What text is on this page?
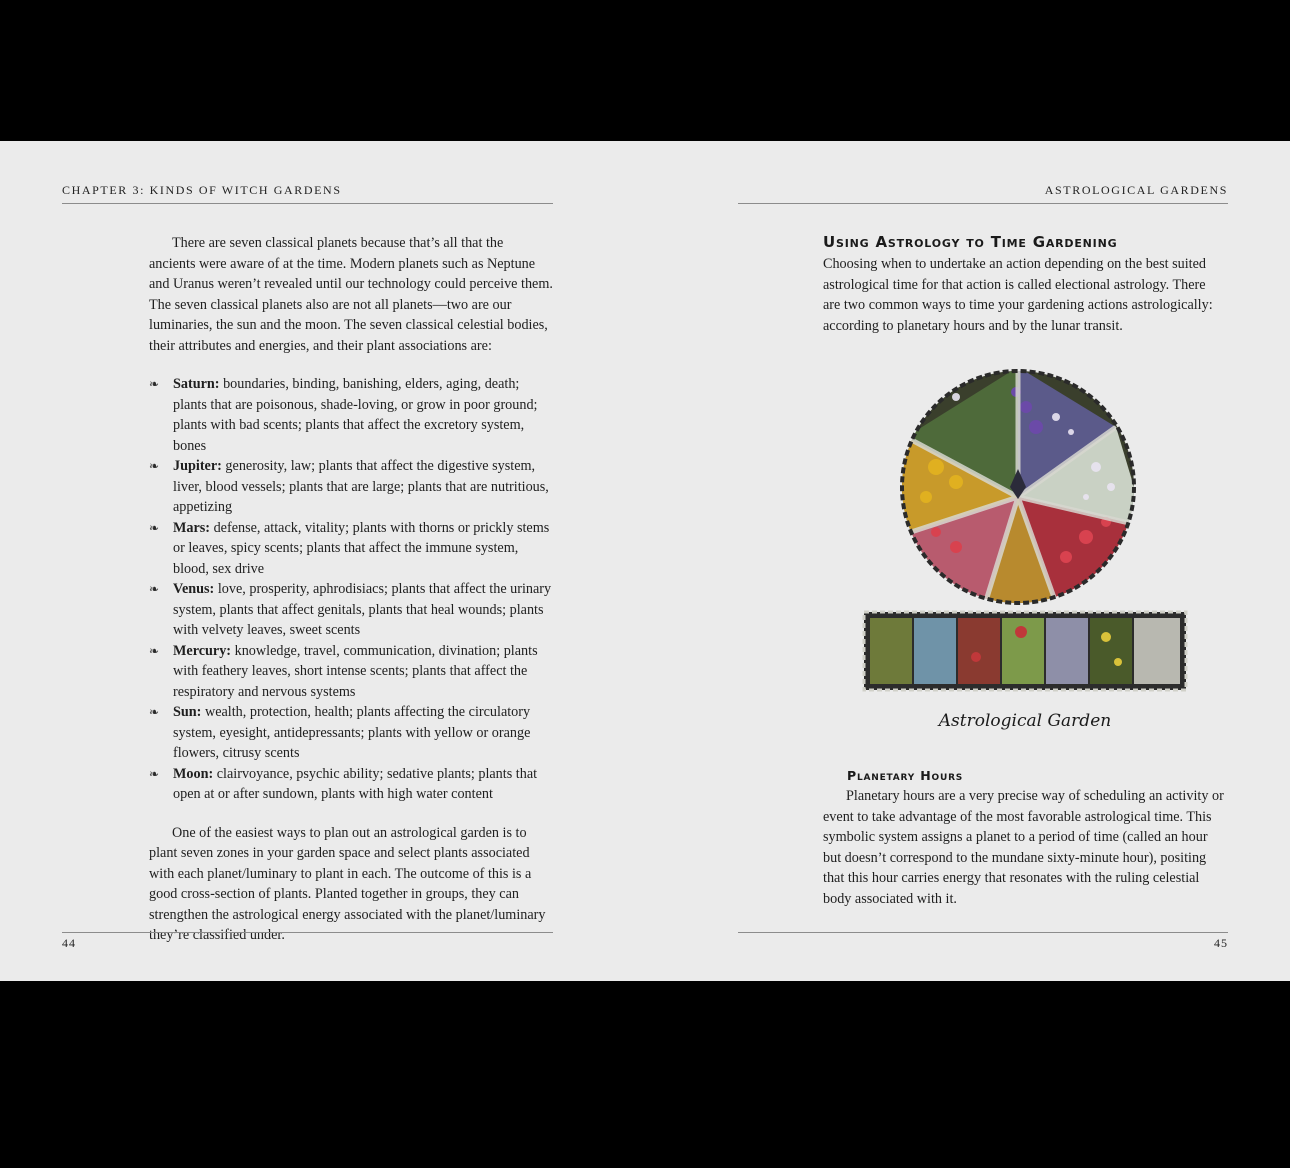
CHAPTER 3: KINDS OF WITCH GARDENS

There are seven classical planets because that’s all that the ancients were aware of at the time. Modern planets such as Neptune and Uranus weren’t revealed until our technology could perceive them. The seven classical planets also are not all planets—two are our luminaries, the sun and the moon. The seven classical celestial bodies, their attributes and energies, and their plant associations are:

❧ Saturn: boundaries, binding, banishing, elders, aging, death; plants that are poisonous, shade-loving, or grow in poor ground; plants with bad scents; plants that affect the excretory system, bones
❧ Jupiter: generosity, law; plants that affect the digestive system, liver, blood vessels; plants that are large; plants that are nutritious, appetizing
❧ Mars: defense, attack, vitality; plants with thorns or prickly stems or leaves, spicy scents; plants that affect the immune system, blood, sex drive
❧ Venus: love, prosperity, aphrodisiacs; plants that affect the urinary system, plants that affect genitals, plants that heal wounds; plants with velvety leaves, sweet scents
❧ Mercury: knowledge, travel, communication, divination; plants with feathery leaves, short intense scents; plants that affect the respiratory and nervous systems
❧ Sun: wealth, protection, health; plants affecting the circulatory system, eyesight, antidepressants; plants with yellow or orange flowers, citrusy scents
❧ Moon: clairvoyance, psychic ability; sedative plants; plants that open at or after sundown, plants with high water content

One of the easiest ways to plan out an astrological garden is to plant seven zones in your garden space and select plants associated with each planet/luminary to plant in each. The outcome of this is a good cross-section of plants. Planted together in groups, they can strengthen the astrological energy associated with the planet/luminary they’re classified under.

44
ASTROLOGICAL GARDENS
Using Astrology to Time Gardening

Choosing when to undertake an action depending on the best suited astrological time for that action is called electional astrology. There are two common ways to time your gardening actions astrologically: according to planetary hours and by the lunar transit.

Astrological Garden
Planetary Hours

Planetary hours are a very precise way of scheduling an activity or event to take advantage of the most favorable astrological time. This symbolic system assigns a planet to a period of time (called an hour but doesn’t correspond to the mundane sixty-minute hour), positing that this hour carries energy that resonates with the ruling celestial body associated with it.

45
